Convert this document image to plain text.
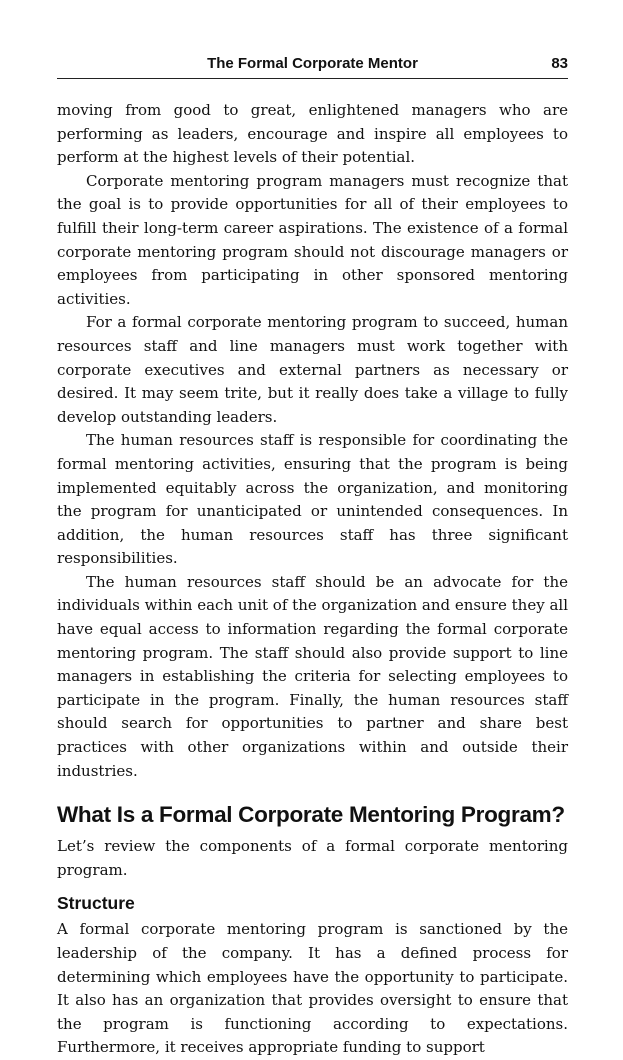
The Formal Corporate Mentor	83

moving from good to great, enlightened managers who are performing as leaders, encourage and inspire all employees to perform at the highest levels of their potential.

Corporate mentoring program managers must recognize that the goal is to provide opportunities for all of their employees to fulfill their long-term career aspirations. The existence of a formal corporate mentoring program should not discourage managers or employees from participating in other sponsored mentoring activities.

For a formal corporate mentoring program to succeed, human resources staff and line managers must work together with corporate executives and external partners as necessary or desired. It may seem trite, but it really does take a village to fully develop outstanding leaders.

The human resources staff is responsible for coordinating the formal mentoring activities, ensuring that the program is being implemented equitably across the organization, and monitoring the program for unanticipated or unintended consequences. In addition, the human resources staff has three significant responsibilities.

The human resources staff should be an advocate for the individuals within each unit of the organization and ensure they all have equal access to information regarding the formal corporate mentoring program. The staff should also provide support to line managers in establishing the criteria for selecting employees to participate in the program. Finally, the human resources staff should search for opportunities to partner and share best practices with other organizations within and outside their industries.

What Is a Formal Corporate Mentoring Program?

Let’s review the components of a formal corporate mentoring program.

Structure

A formal corporate mentoring program is sanctioned by the leadership of the company. It has a defined process for determining which employees have the opportunity to participate. It also has an organization that provides oversight to ensure that the program is functioning according to expectations. Furthermore, it receives appropriate funding to support
